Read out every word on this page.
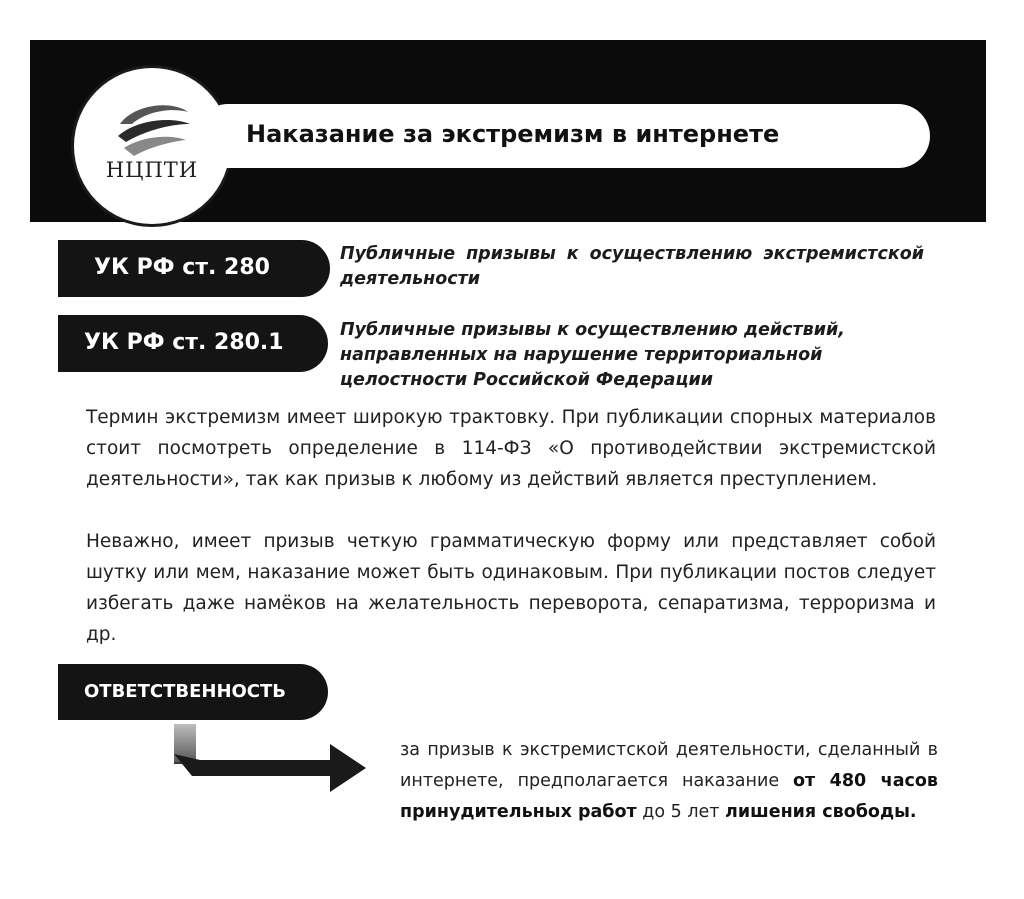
НЦПТИ
Наказание за экстремизм в интернете
УК РФ ст. 280
Публичные призывы к осуществлению экстремистской деятельности
УК РФ ст. 280.1	Публичные призывы к осуществлению действий, направленных на нарушение территориальной целостности Российской Федерации

Термин экстремизм имеет широкую трактовку. При публикации спорных материалов стоит посмотреть определение в 114-ФЗ «О противодействии экстремистской деятельности», так как призыв к любому из действий является преступлением.

Неважно, имеет призыв четкую грамматическую форму или представляет собой шутку или мем, наказание может быть одинаковым. При публикации постов следует избегать даже намёков на желательность переворота, сепаратизма, терроризма и др.

ОТВЕТСТВЕННОСТЬ
за призыв к экстремистской деятельности, сделанный в интернете, предполагается наказание от 480 часов принудительных работ до 5 лет лишения свободы.
